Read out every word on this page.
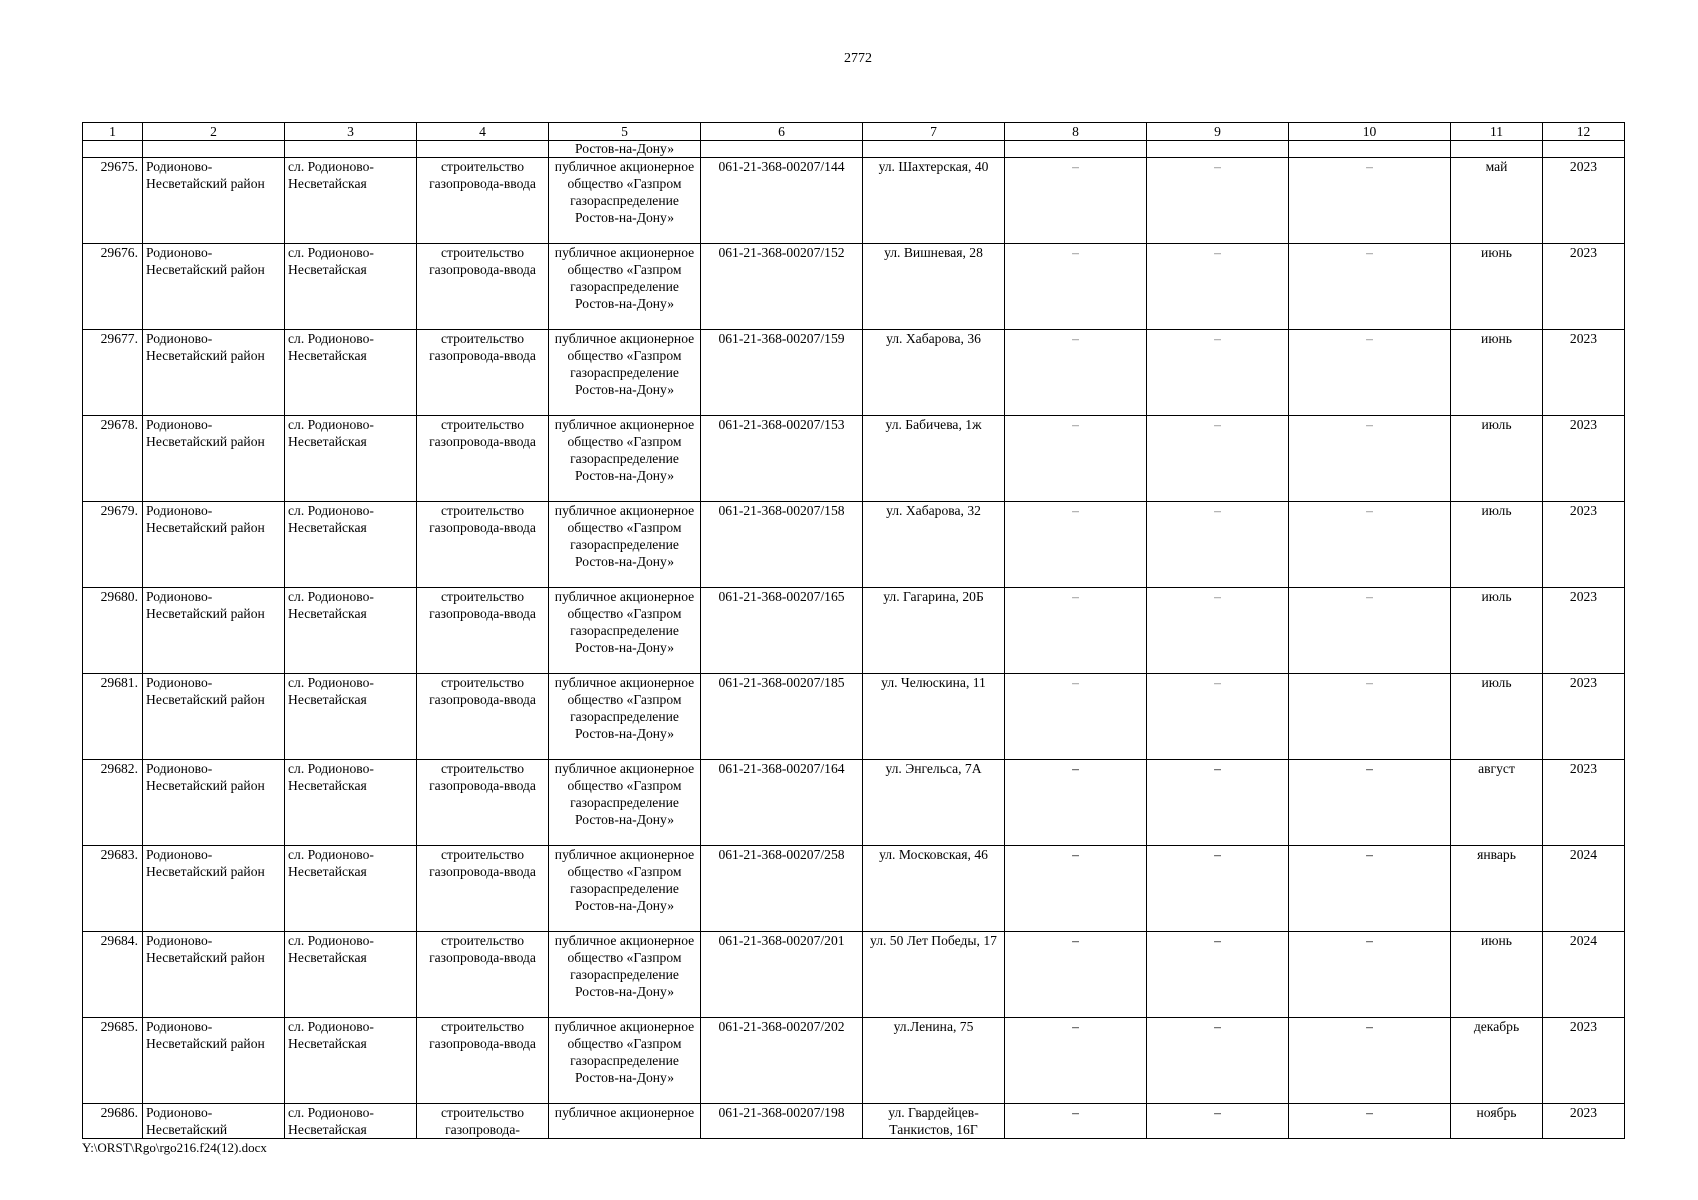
2772
1	2	3	4	5	6	7	8	9	10	11	12
				Ростов-на-Дону»							
29675.	Родионово-Несветайский район	сл. Родионово-Несветайская	строительство газопровода-ввода	публичное акционерное общество «Газпром газораспределение Ростов-на-Дону»	061-21-368-00207/144	ул. Шахтерская, 40	–	–	–	май	2023
29676.	Родионово-Несветайский район	сл. Родионово-Несветайская	строительство газопровода-ввода	публичное акционерное общество «Газпром газораспределение Ростов-на-Дону»	061-21-368-00207/152	ул. Вишневая, 28	–	–	–	июнь	2023
29677.	Родионово-Несветайский район	сл. Родионово-Несветайская	строительство газопровода-ввода	публичное акционерное общество «Газпром газораспределение Ростов-на-Дону»	061-21-368-00207/159	ул. Хабарова, 36	–	–	–	июнь	2023
29678.	Родионово-Несветайский район	сл. Родионово-Несветайская	строительство газопровода-ввода	публичное акционерное общество «Газпром газораспределение Ростов-на-Дону»	061-21-368-00207/153	ул. Бабичева, 1ж	–	–	–	июль	2023
29679.	Родионово-Несветайский район	сл. Родионово-Несветайская	строительство газопровода-ввода	публичное акционерное общество «Газпром газораспределение Ростов-на-Дону»	061-21-368-00207/158	ул. Хабарова, 32	–	–	–	июль	2023
29680.	Родионово-Несветайский район	сл. Родионово-Несветайская	строительство газопровода-ввода	публичное акционерное общество «Газпром газораспределение Ростов-на-Дону»	061-21-368-00207/165	ул. Гагарина, 20Б	–	–	–	июль	2023
29681.	Родионово-Несветайский район	сл. Родионово-Несветайская	строительство газопровода-ввода	публичное акционерное общество «Газпром газораспределение Ростов-на-Дону»	061-21-368-00207/185	ул. Челюскина, 11	–	–	–	июль	2023
29682.	Родионово-Несветайский район	сл. Родионово-Несветайская	строительство газопровода-ввода	публичное акционерное общество «Газпром газораспределение Ростов-на-Дону»	061-21-368-00207/164	ул. Энгельса, 7А	–	–	–	август	2023
29683.	Родионово-Несветайский район	сл. Родионово-Несветайская	строительство газопровода-ввода	публичное акционерное общество «Газпром газораспределение Ростов-на-Дону»	061-21-368-00207/258	ул. Московская, 46	–	–	–	январь	2024
29684.	Родионово-Несветайский район	сл. Родионово-Несветайская	строительство газопровода-ввода	публичное акционерное общество «Газпром газораспределение Ростов-на-Дону»	061-21-368-00207/201	ул. 50 Лет Победы, 17	–	–	–	июнь	2024
29685.	Родионово-Несветайский район	сл. Родионово-Несветайская	строительство газопровода-ввода	публичное акционерное общество «Газпром газораспределение Ростов-на-Дону»	061-21-368-00207/202	ул.Ленина, 75	–	–	–	декабрь	2023
29686.	Родионово-Несветайский	сл. Родионово-Несветайская	строительство газопровода-	публичное акционерное	061-21-368-00207/198	ул. Гвардейцев-Танкистов, 16Г	–	–	–	ноябрь	2023
Y:\ORST\Rgo\rgo216.f24(12).docx
